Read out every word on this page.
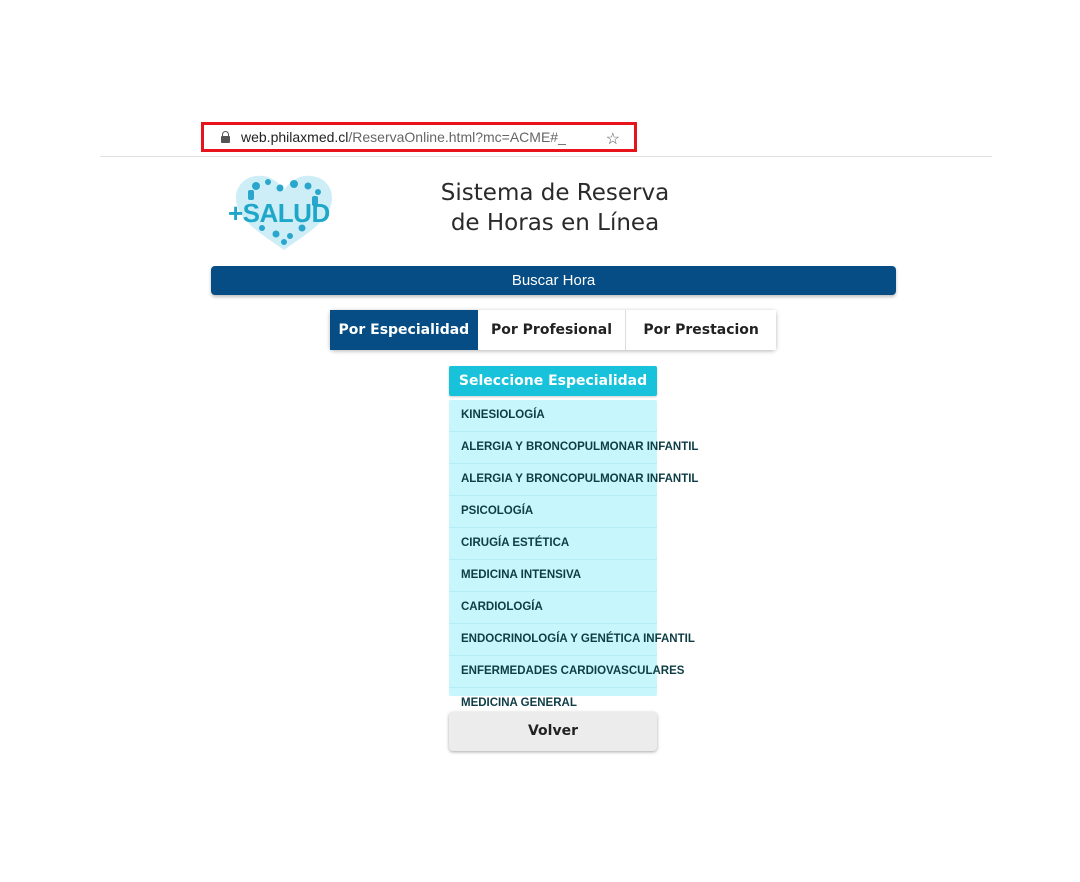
web.philaxmed.cl /ReservaOnline.html?mc=ACME#_ ☆
+SALUD
Sistema de Reserva
de Horas en Línea
Buscar Hora
Por Especialidad	Por Profesional	Por Prestacion
Seleccione Especialidad
KINESIOLOGÍA
ALERGIA Y BRONCOPULMONAR INFANTIL
ALERGIA Y BRONCOPULMONAR INFANTIL
PSICOLOGÍA
CIRUGÍA ESTÉTICA
MEDICINA INTENSIVA
CARDIOLOGÍA
ENDOCRINOLOGÍA Y GENÉTICA INFANTIL
ENFERMEDADES CARDIOVASCULARES
MEDICINA GENERAL
Volver
